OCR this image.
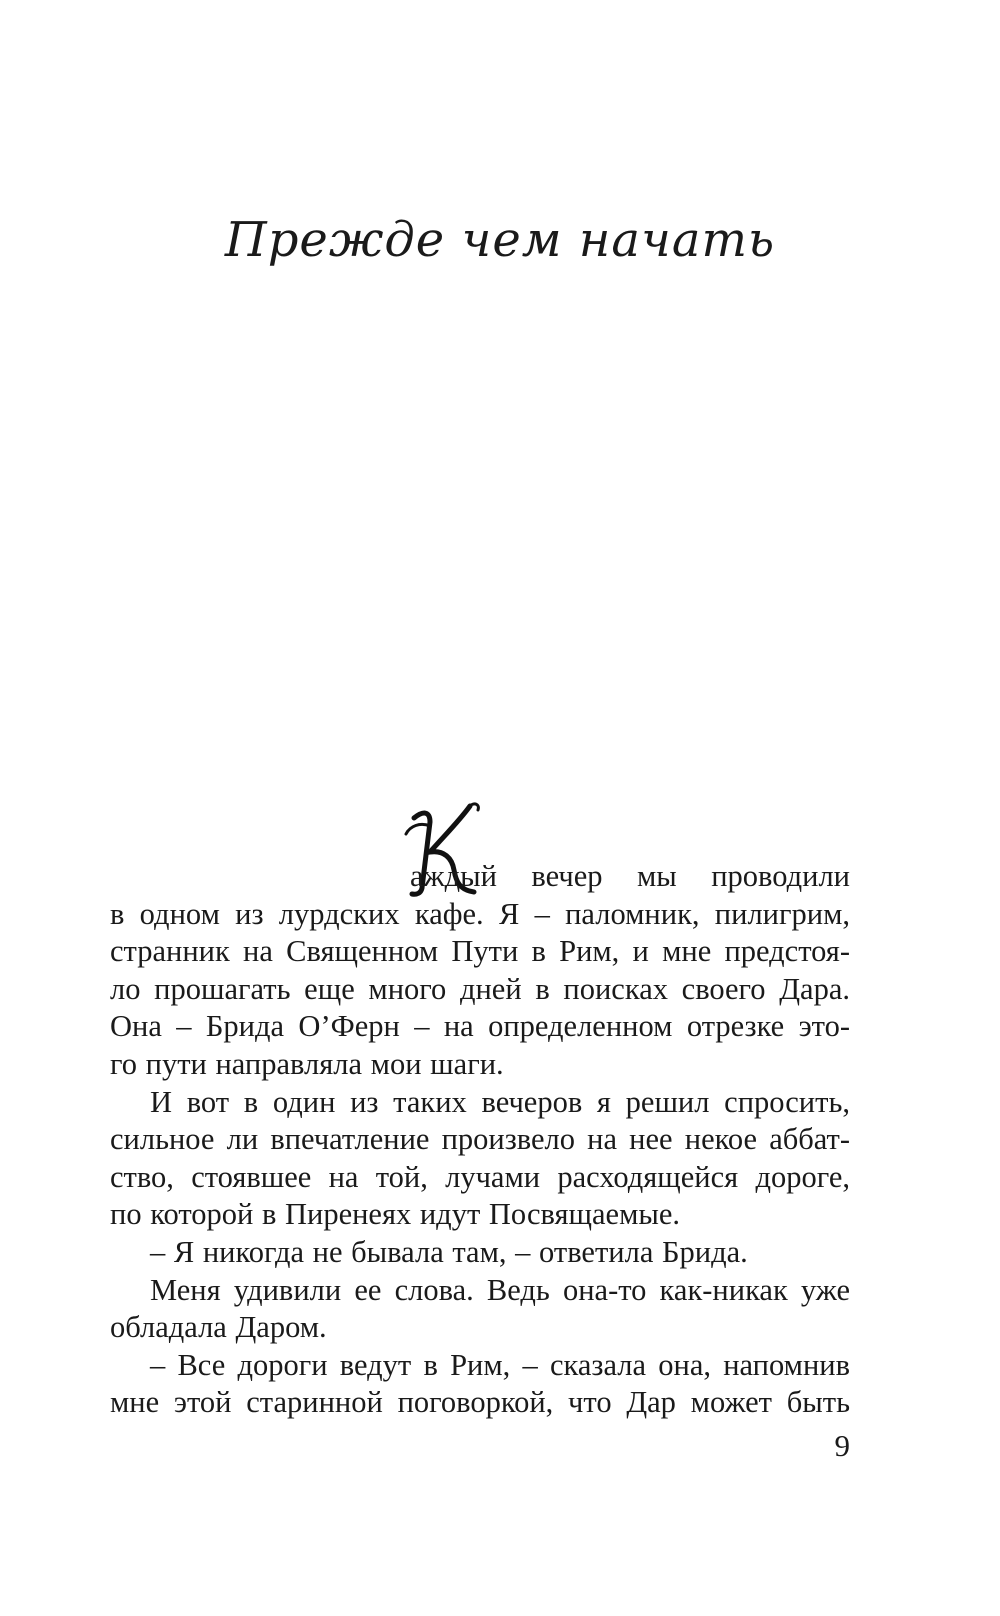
Прежде чем начать
аждый вечер мы проводили
в одном из лурдских кафе. Я – паломник, пилигрим,
странник на Священном Пути в Рим, и мне предстоя-
ло прошагать еще много дней в поисках своего Дара.
Она – Брида О’Ферн – на определенном отрезке это-
го пути направляла мои шаги.
И вот в один из таких вечеров я решил спросить,
сильное ли впечатление произвело на нее некое аббат-
ство, стоявшее на той, лучами расходящейся дороге,
по которой в Пиренеях идут Посвящаемые.
– Я никогда не бывала там, – ответила Брида.
Меня удивили ее слова. Ведь она-то как-никак уже
обладала Даром.
– Все дороги ведут в Рим, – сказала она, напомнив
мне этой старинной поговоркой, что Дар может быть
9
